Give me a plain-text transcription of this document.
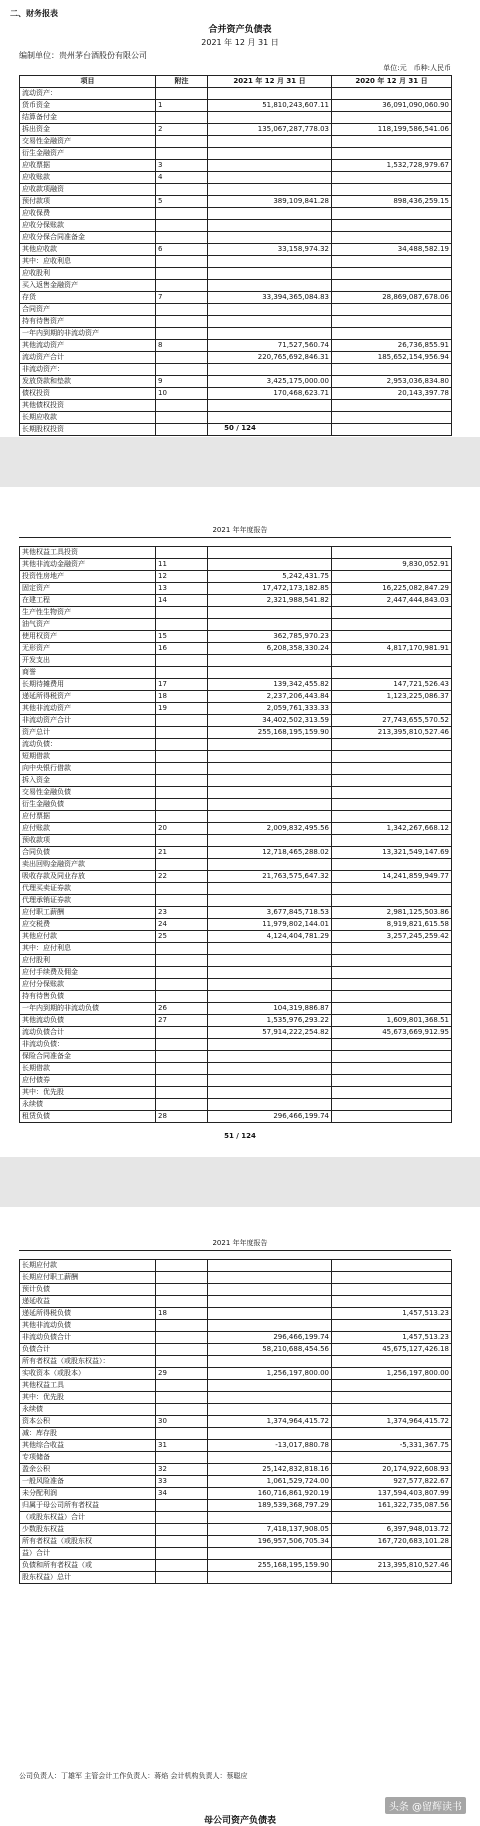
二、财务报表
合并资产负债表
2021 年 12 月 31 日
编制单位：贵州茅台酒股份有限公司
单位:元　币种:人民币
项目	附注	2021 年 12 月 31 日	2020 年 12 月 31 日
流动资产：			
货币资金	1	51,810,243,607.11	36,091,090,060.90
结算备付金			
拆出资金	2	135,067,287,778.03	118,199,586,541.06
交易性金融资产			
衍生金融资产			
应收票据	3		1,532,728,979.67
应收账款	4		
应收款项融资			
预付款项	5	389,109,841.28	898,436,259.15
应收保费			
应收分保账款			
应收分保合同准备金			
其他应收款	6	33,158,974.32	34,488,582.19
其中：应收利息			
应收股利			
买入返售金融资产			
存货	7	33,394,365,084.83	28,869,087,678.06
合同资产			
持有待售资产			
一年内到期的非流动资产			
其他流动资产	8	71,527,560.74	26,736,855.91
流动资产合计		220,765,692,846.31	185,652,154,956.94
非流动资产：			
发放贷款和垫款	9	3,425,175,000.00	2,953,036,834.80
债权投资	10	170,468,623.71	20,143,397.78
其他债权投资			
长期应收款			
长期股权投资				50 / 124
2021 年年度报告
其他权益工具投资			
其他非流动金融资产	11		9,830,052.91
投资性房地产	12	5,242,431.75	
固定资产	13	17,472,173,182.85	16,225,082,847.29
在建工程	14	2,321,988,541.82	2,447,444,843.03
生产性生物资产			
油气资产			
使用权资产	15	362,785,970.23	
无形资产	16	6,208,358,330.24	4,817,170,981.91
开发支出			
商誉			
长期待摊费用	17	139,342,455.82	147,721,526.43
递延所得税资产	18	2,237,206,443.84	1,123,225,086.37
其他非流动资产	19	2,059,761,333.33	
非流动资产合计		34,402,502,313.59	27,743,655,570.52
资产总计		255,168,195,159.90	213,395,810,527.46
流动负债：			
短期借款			
向中央银行借款			
拆入资金			
交易性金融负债			
衍生金融负债			
应付票据			
应付账款	20	2,009,832,495.56	1,342,267,668.12
预收款项			
合同负债	21	12,718,465,288.02	13,321,549,147.69
卖出回购金融资产款			
吸收存款及同业存放	22	21,763,575,647.32	14,241,859,949.77
代理买卖证券款			
代理承销证券款			
应付职工薪酬	23	3,677,845,718.53	2,981,125,503.86
应交税费	24	11,979,802,144.01	8,919,821,615.58
其他应付款	25	4,124,404,781.29	3,257,245,259.42
其中：应付利息			
应付股利			
应付手续费及佣金			
应付分保账款			
持有待售负债			
一年内到期的非流动负债	26	104,319,886.87	
其他流动负债	27	1,535,976,293.22	1,609,801,368.51
流动负债合计		57,914,222,254.82	45,673,669,912.95
非流动负债：			
保险合同准备金			
长期借款			
应付债券			
其中：优先股			
永续债			
租赁负债	28	296,466,199.74	
51 / 124
2021 年年度报告
长期应付款			
长期应付职工薪酬			
预计负债			
递延收益			
递延所得税负债	18		1,457,513.23
其他非流动负债			
非流动负债合计		296,466,199.74	1,457,513.23
负债合计		58,210,688,454.56	45,675,127,426.18
所有者权益（或股东权益）：			
实收资本（或股本）	29	1,256,197,800.00	1,256,197,800.00
其他权益工具			
其中：优先股			
永续债			
资本公积	30	1,374,964,415.72	1,374,964,415.72
减：库存股			
其他综合收益	31	-13,017,880.78	-5,331,367.75
专项储备			
盈余公积	32	25,142,832,818.16	20,174,922,608.93
一般风险准备	33	1,061,529,724.00	927,577,822.67
未分配利润	34	160,716,861,920.19	137,594,403,807.99
归属于母公司所有者权益		189,539,368,797.29	161,322,735,087.56
（或股东权益）合计			
少数股东权益		7,418,137,908.05	6,397,948,013.72
所有者权益（或股东权		196,957,506,705.34	167,720,683,101.28
益）合计			
负债和所有者权益（或		255,168,195,159.90	213,395,810,527.46
股东权益）总计			
公司负责人：丁雄军 主管会计工作负责人：蒋焰 会计机构负责人：蔡聪应
母公司资产负债表
头条 @留辉读书
